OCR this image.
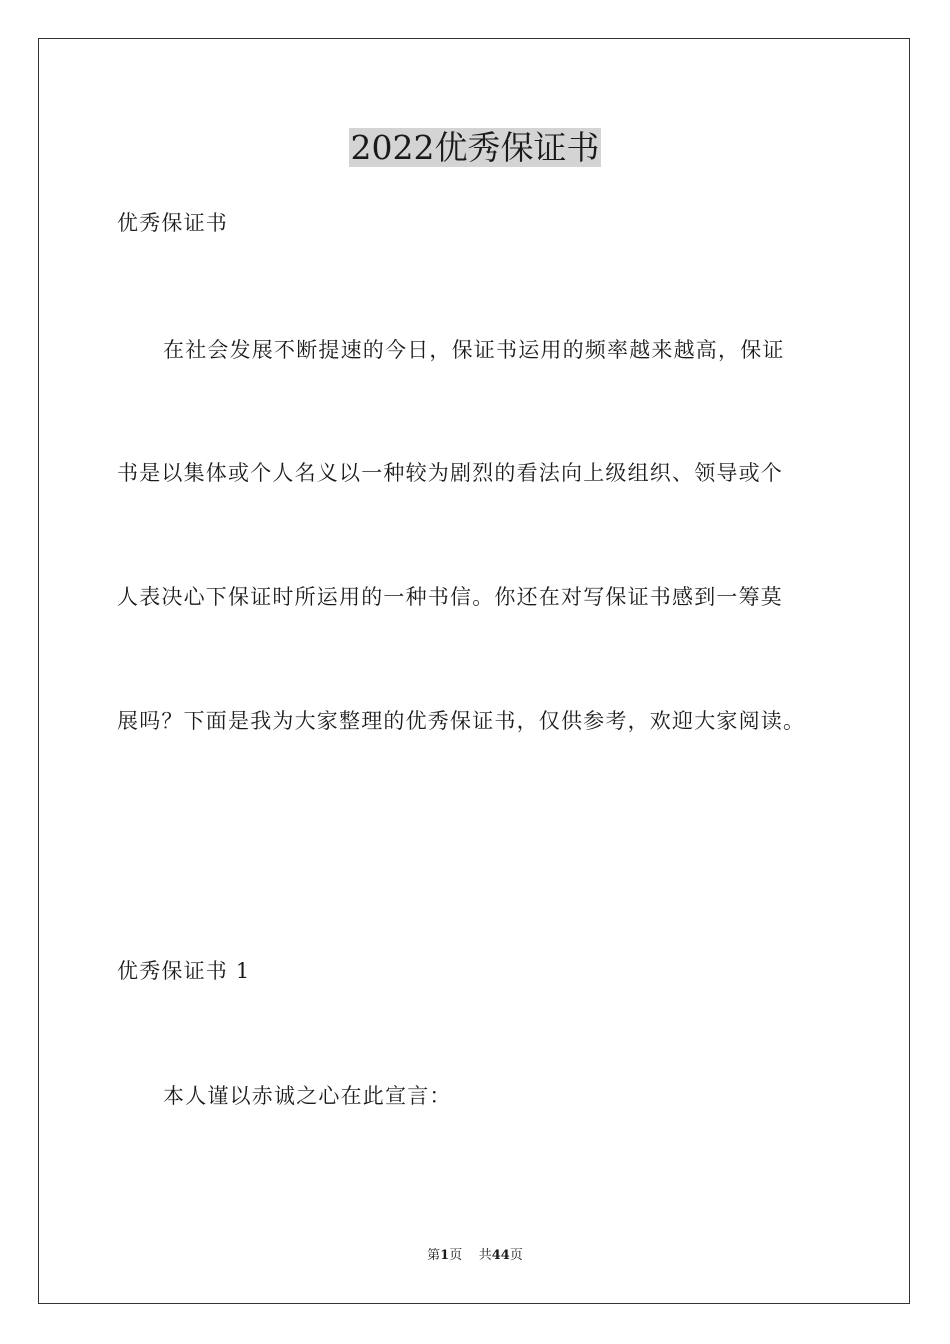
2022优秀保证书
优秀保证书
在社会发展不断提速的今日，保证书运用的频率越来越高，保证
书是以集体或个人名义以一种较为剧烈的看法向上级组织、领导或个
人表决心下保证时所运用的一种书信。你还在对写保证书感到一筹莫
展吗？下面是我为大家整理的优秀保证书，仅供参考，欢迎大家阅读。
优秀保证书 1
本人谨以赤诚之心在此宣言：
第1页 共44页
